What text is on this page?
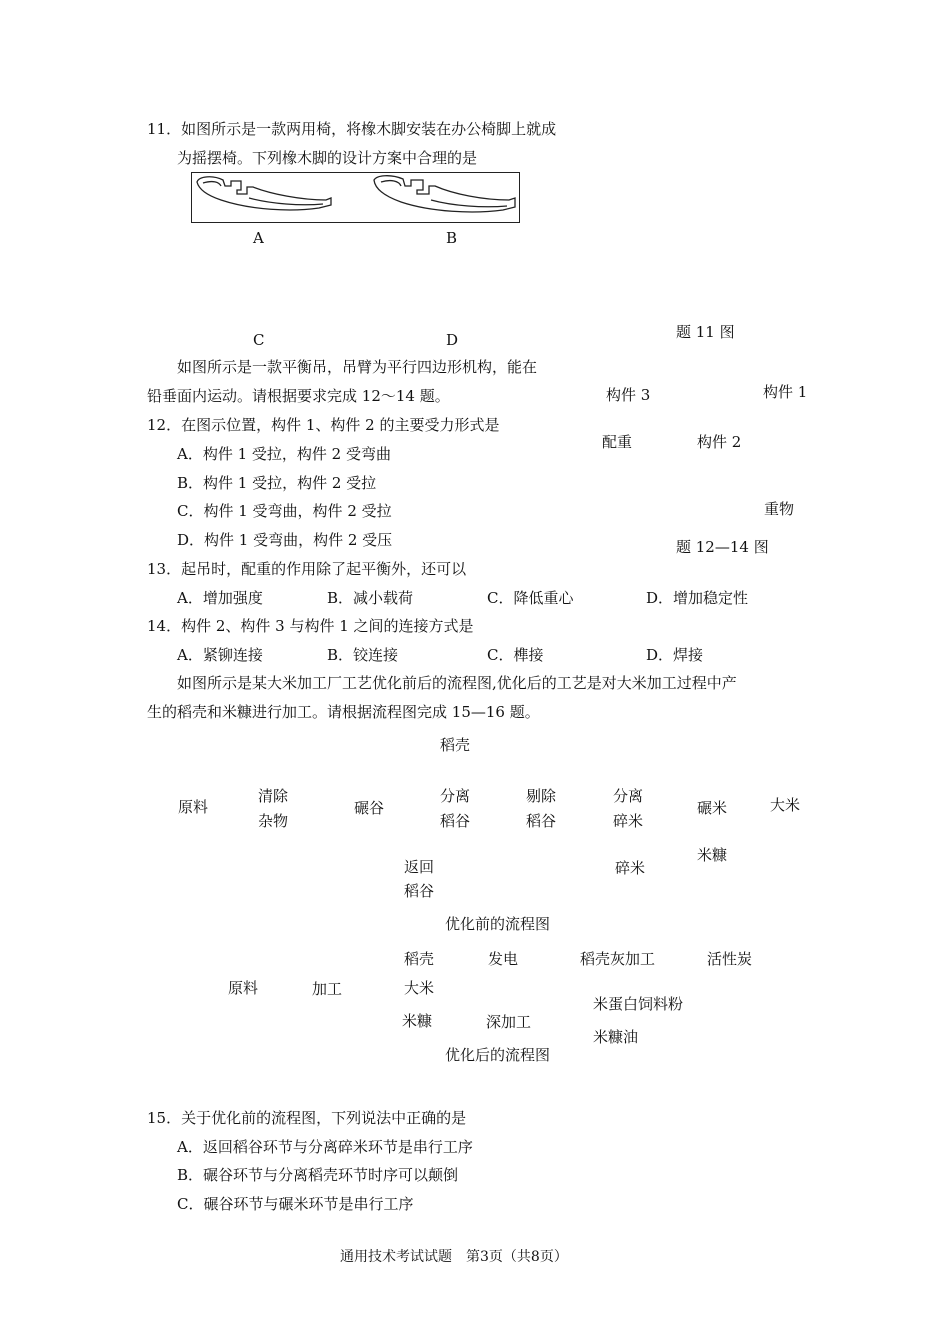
11．如图所示是一款两用椅，将橡木脚安装在办公椅脚上就成
为摇摆椅。下列橡木脚的设计方案中合理的是
A	B
C	D	题 11 图
如图所示是一款平衡吊，吊臂为平行四边形机构，能在
铅垂面内运动。请根据要求完成 12～14 题。	构件 3	构件 1
配重	构件 2
重物
题 12—14 图
12．在图示位置，构件 1、构件 2 的主要受力形式是
A．构件 1 受拉，构件 2 受弯曲
B．构件 1 受拉，构件 2 受拉
C．构件 1 受弯曲，构件 2 受拉
D．构件 1 受弯曲，构件 2 受压
13．起吊时，配重的作用除了起平衡外，还可以
A．增加强度	B．减小载荷	C．降低重心	D．增加稳定性
14．构件 2、构件 3 与构件 1 之间的连接方式是
A．紧铆连接	B．铰连接	C．榫接	D．焊接
如图所示是某大米加工厂工艺优化前后的流程图,优化后的工艺是对大米加工过程中产
生的稻壳和米糠进行加工。请根据流程图完成 15—16 题。
稻壳
原料
清除
杂物
碾谷
分离
稻谷
剔除
稻谷
分离
碎米
碾米	大米
返回
稻谷
碎米
米糠
优化前的流程图
稻壳	发电	稻壳灰加工	活性炭
原料	加工	大米
米蛋白饲料粉
米糠	深加工
米糠油
优化后的流程图
15．关于优化前的流程图，下列说法中正确的是
A．返回稻谷环节与分离碎米环节是串行工序
B．碾谷环节与分离稻壳环节时序可以颠倒
C．碾谷环节与碾米环节是串行工序
通用技术考试试题　第3页（共8页）
